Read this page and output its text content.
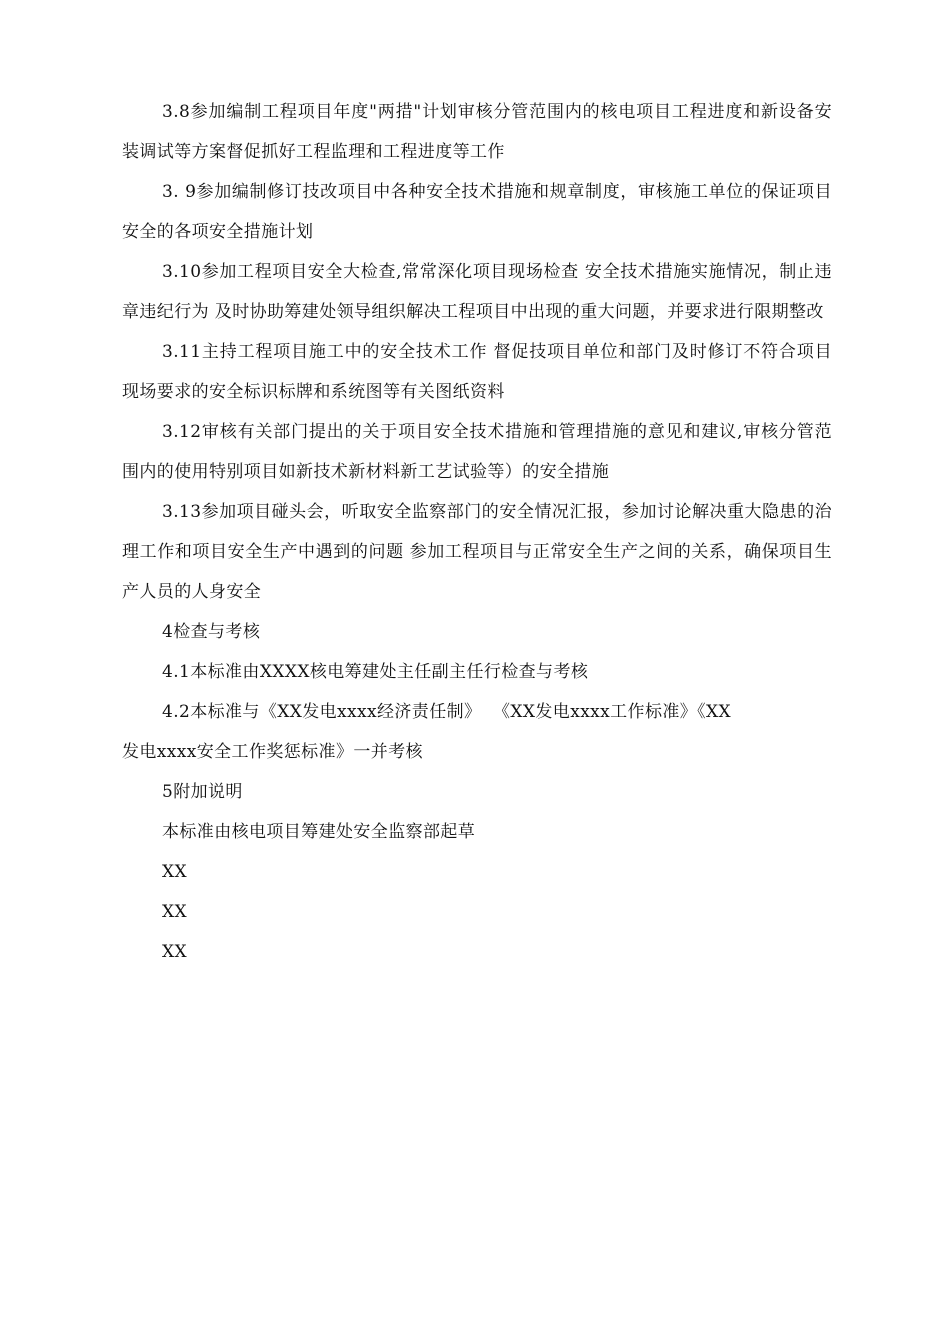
3.8参加编制工程项目年度"两措"计划审核分管范围内的核电项目工程进度和新设备安装调试等方案督促抓好工程监理和工程进度等工作

3. 9参加编制修订技改项目中各种安全技术措施和规章制度，审核施工单位的保证项目安全的各项安全措施计划

3.10参加工程项目安全大检查,常常深化项目现场检查 安全技术措施实施情况，制止违章违纪行为 及时协助筹建处领导组织解决工程项目中出现的重大问题，并要求进行限期整改

3.11主持工程项目施工中的安全技术工作 督促技项目单位和部门及时修订不符合项目现场要求的安全标识标牌和系统图等有关图纸资料

3.12审核有关部门提出的关于项目安全技术措施和管理措施的意见和建议,审核分管范围内的使用特别项目如新技术新材料新工艺试验等）的安全措施

3.13参加项目碰头会，听取安全监察部门的安全情况汇报，参加讨论解决重大隐患的治理工作和项目安全生产中遇到的问题 参加工程项目与正常安全生产之间的关系，确保项目生产人员的人身安全

4检查与考核

4.1本标准由XXXX核电筹建处主任副主任行检查与考核

4.2本标准与《XX发电xxxx经济责任制》  《XX发电xxxx工作标准》《XX

发电xxxx安全工作奖惩标准》一并考核

5附加说明

本标准由核电项目筹建处安全监察部起草

XX

XX

XX
